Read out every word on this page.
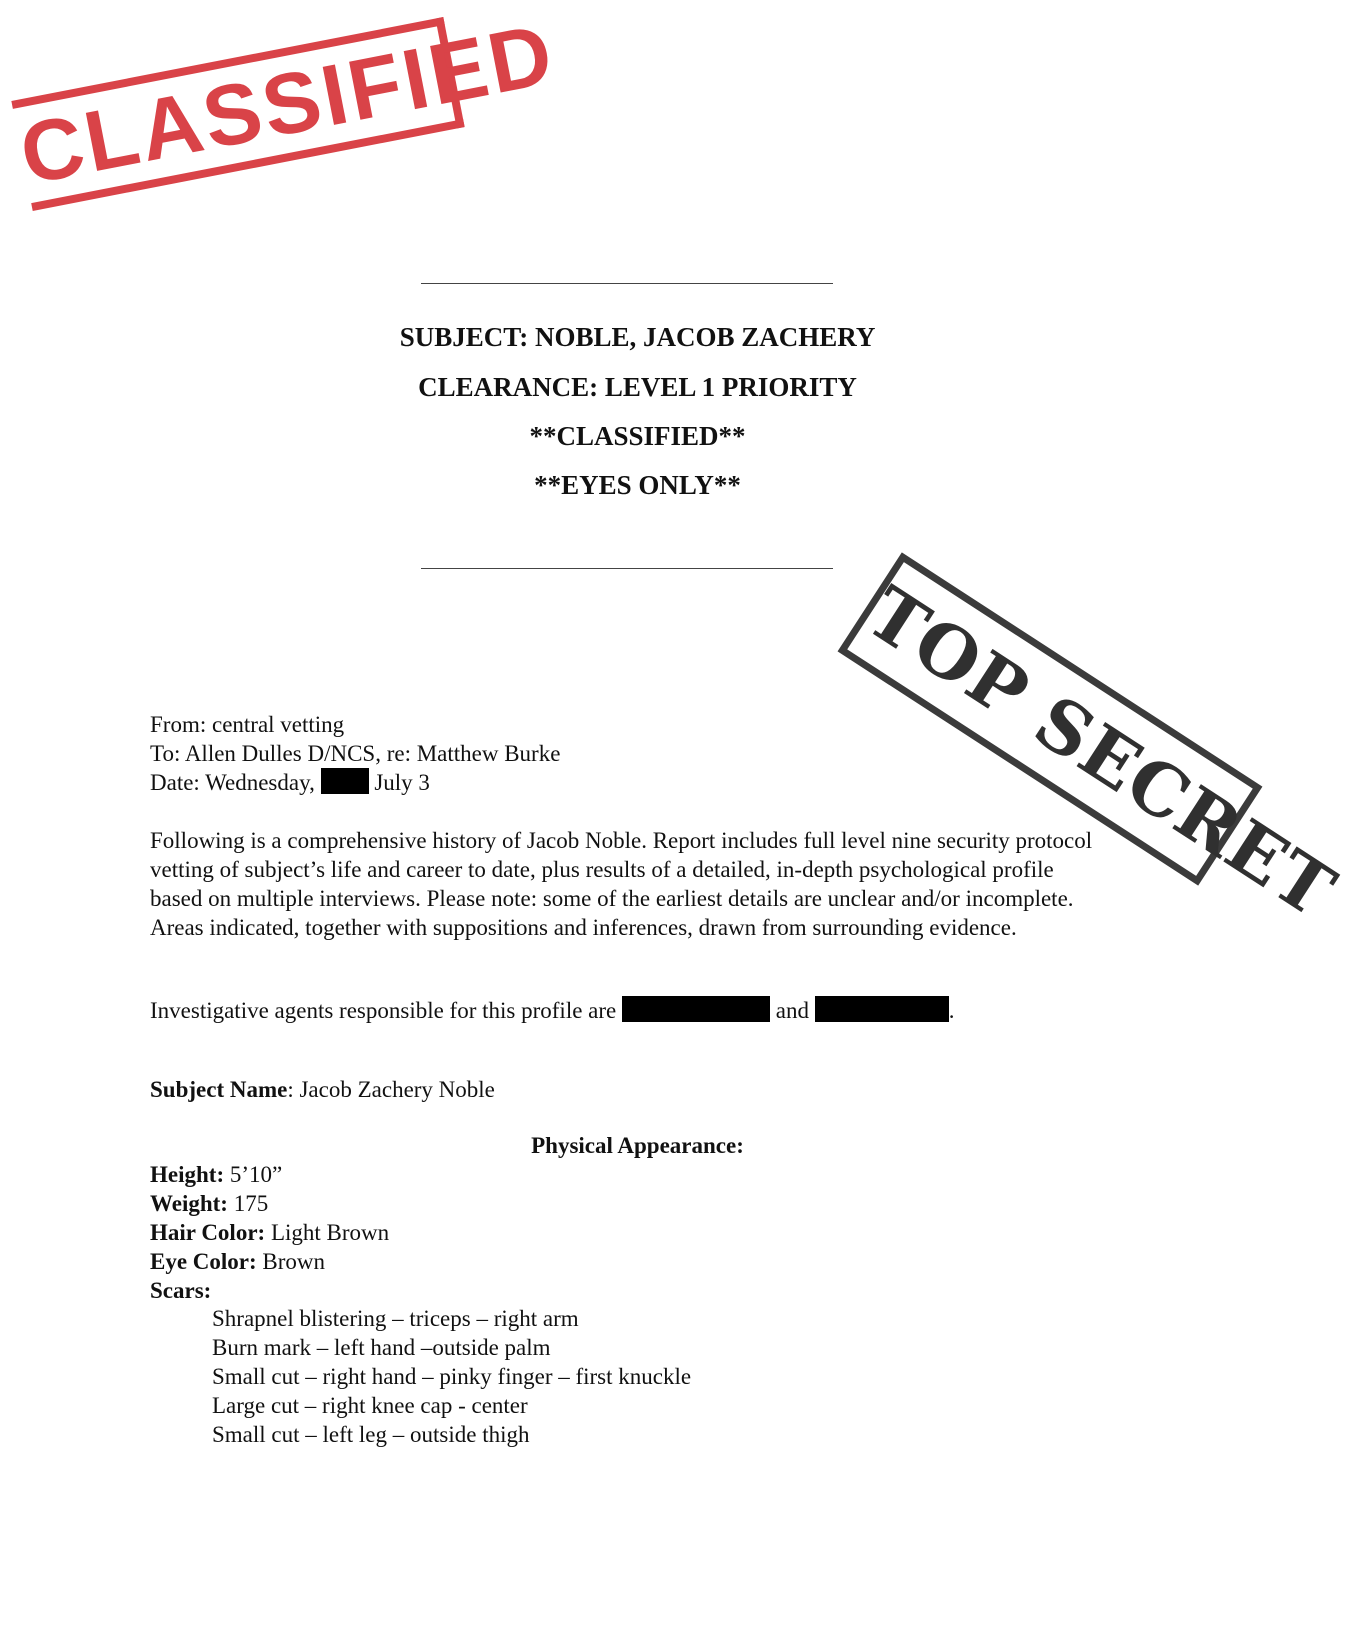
CLASSIFIED
TOP SECRET
SUBJECT: NOBLE, JACOB ZACHERY
CLEARANCE: LEVEL 1 PRIORITY
**CLASSIFIED**
**EYES ONLY**
From: central vetting
To: Allen Dulles D/NCS, re: Matthew Burke
Date: Wednesday,	July 3
Following is a comprehensive history of Jacob Noble. Report includes full level nine security protocol vetting of subject’s life and career to date, plus results of a detailed, in-depth psychological profile based on multiple interviews. Please note: some of the earliest details are unclear and/or incomplete. Areas indicated, together with suppositions and inferences, drawn from surrounding evidence.
Investigative agents responsible for this profile are	and	.
Subject Name: Jacob Zachery Noble
Physical Appearance:
Height: 5’10”
Weight: 175
Hair Color: Light Brown
Eye Color: Brown
Scars:
Shrapnel blistering – triceps – right arm
Burn mark – left hand –outside palm
Small cut – right hand – pinky finger – first knuckle
Large cut – right knee cap - center
Small cut – left leg – outside thigh
